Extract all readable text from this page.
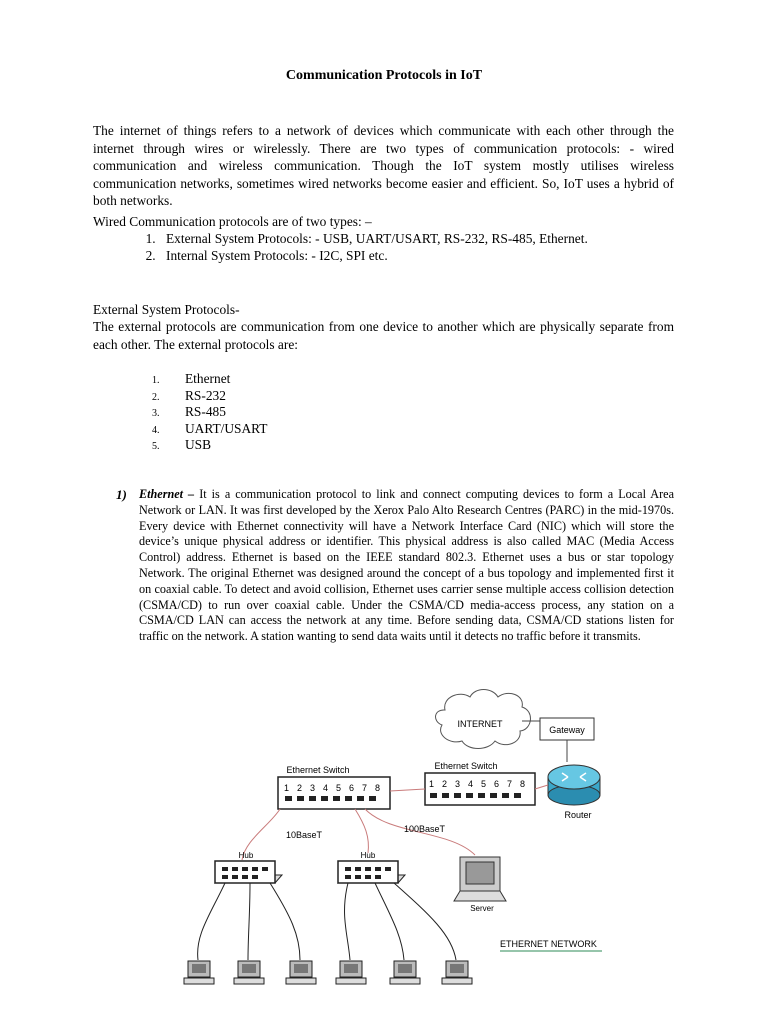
Communication Protocols in IoT

The internet of things refers to a network of devices which communicate with each other through the internet through wires or wirelessly. There are two types of communication protocols: - wired communication and wireless communication. Though the IoT system mostly utilises wireless communication networks, sometimes wired networks become easier and efficient. So, IoT uses a hybrid of both networks.

Wired Communication protocols are of two types: –

1. External System Protocols: - USB, UART/USART, RS-232, RS-485, Ethernet.
2. Internal System Protocols: - I2C, SPI etc.

External System Protocols-

The external protocols are communication from one device to another which are physically separate from each other. The external protocols are:

1. Ethernet
2. RS-232
3. RS-485
4. UART/USART
5. USB
1) Ethernet – It is a communication protocol to link and connect computing devices to form a Local Area Network or LAN. It was first developed by the Xerox Palo Alto Research Centres (PARC) in the mid-1970s. Every device with Ethernet connectivity will have a Network Interface Card (NIC) which will store the device’s unique physical address or identifier. This physical address is also called MAC (Media Access Control) address. Ethernet is based on the IEEE standard 802.3. Ethernet uses a bus or star topology Network. The original Ethernet was designed around the concept of a bus topology and implemented first it on coaxial cable. To detect and avoid collision, Ethernet uses carrier sense multiple access collision detection (CSMA/CD) to run over coaxial cable. Under the CSMA/CD media-access process, any station on a CSMA/CD LAN can access the network at any time. Before sending data, CSMA/CD stations listen for traffic on the network. A station wanting to send data waits until it detects no traffic before it transmits.

INTERNET
Gateway
Router
Ethernet Switch
1 2 3 4 5 6 7 8
Ethernet Switch
1 2 3 4 5 6 7 8
10BaseT
100BaseT
Hub	Hub
Server
ETHERNET NETWORK
